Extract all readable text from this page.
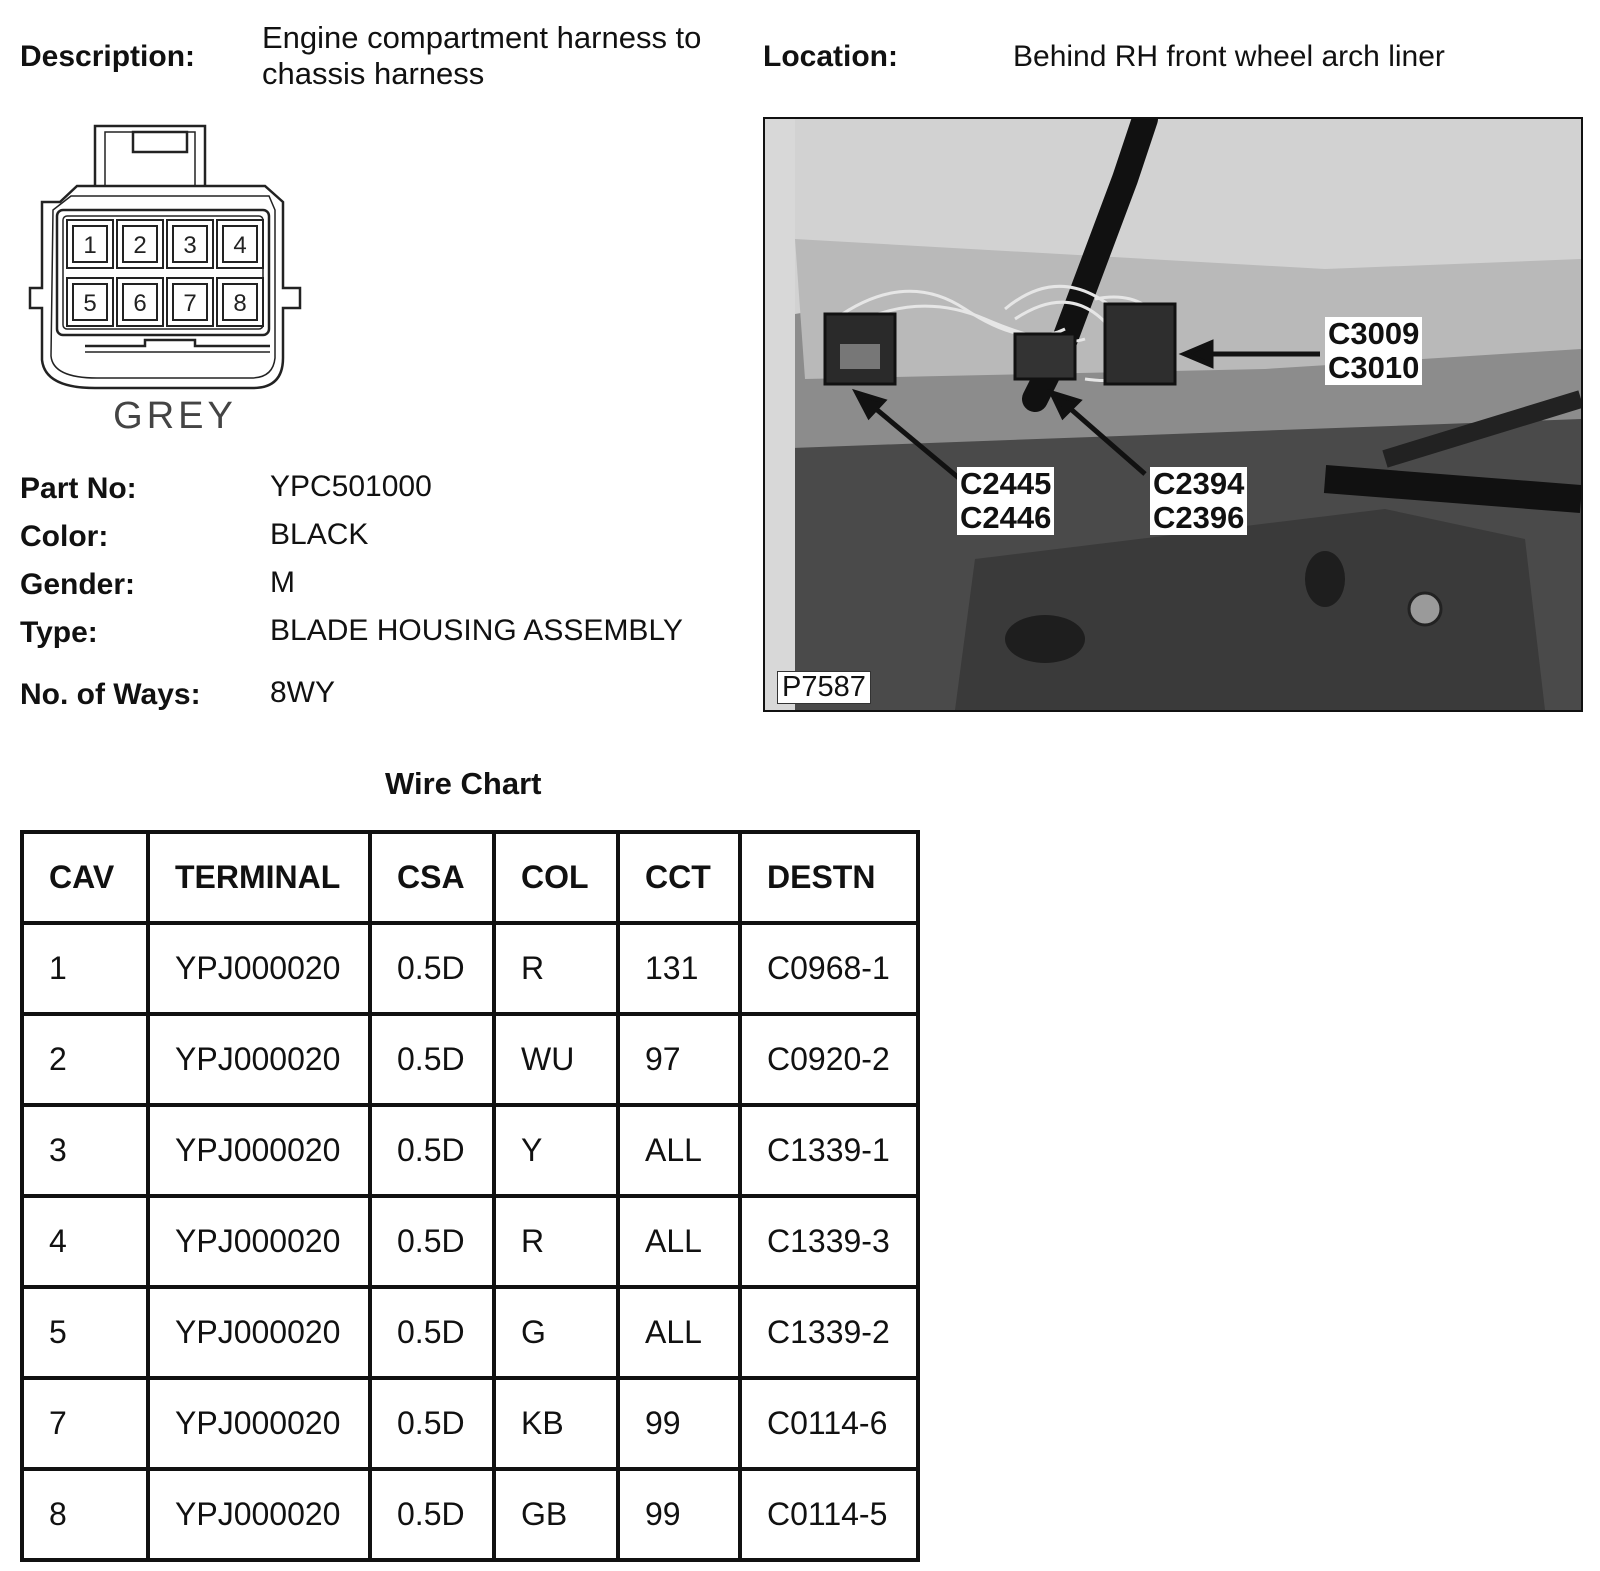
Description:
Engine compartment harness to
chassis harness	Location:	Behind RH front wheel arch liner
1 2 3 4
5 6 7 8
GREY
Part No:	YPC501000
Color:	BLACK
Gender:	M
Type:	BLADE HOUSING ASSEMBLY
No. of Ways: 8WY
C3009
C3010
C2445
C2446
C2394
C2396
P7587
Wire Chart
CAV	TERMINAL	CSA	COL	CCT	DESTN
1	YPJ000020	0.5D	R	131	C0968-1
2	YPJ000020	0.5D	WU	97	C0920-2
3	YPJ000020	0.5D	Y	ALL	C1339-1
4	YPJ000020	0.5D	R	ALL	C1339-3
5	YPJ000020	0.5D	G	ALL	C1339-2
7	YPJ000020	0.5D	KB	99	C0114-6
8	YPJ000020	0.5D	GB	99	C0114-5
